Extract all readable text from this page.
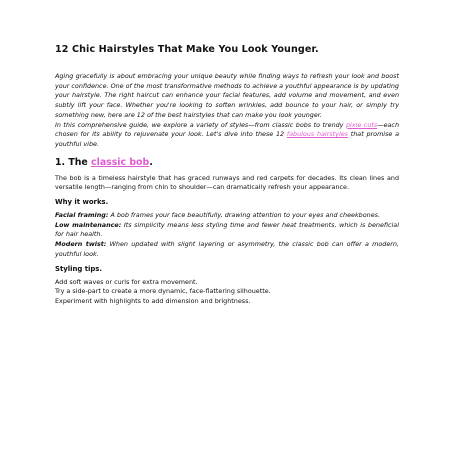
12 Chic Hairstyles That Make You Look Younger.

Aging gracefully is about embracing your unique beauty while finding ways to refresh your look and boost your confidence. One of the most transformative methods to achieve a youthful appearance is by updating your hairstyle. The right haircut can enhance your facial features, add volume and movement, and even subtly lift your face. Whether you're looking to soften wrinkles, add bounce to your hair, or simply try something new, here are 12 of the best hairstyles that can make you look younger.

In this comprehensive guide, we explore a variety of styles—from classic bobs to trendy pixie cuts—each chosen for its ability to rejuvenate your look. Let's dive into these 12 fabulous hairstyles that promise a youthful vibe.

1. The classic bob.

The bob is a timeless hairstyle that has graced runways and red carpets for decades. Its clean lines and versatile length—ranging from chin to shoulder—can dramatically refresh your appearance.

Why it works.

Facial framing: A bob frames your face beautifully, drawing attention to your eyes and cheekbones.

Low maintenance: Its simplicity means less styling time and fewer heat treatments, which is beneficial for hair health.

Modern twist: When updated with slight layering or asymmetry, the classic bob can offer a modern, youthful look.

Styling tips.

Add soft waves or curls for extra movement.

Try a side-part to create a more dynamic, face-flattering silhouette.

Experiment with highlights to add dimension and brightness.
